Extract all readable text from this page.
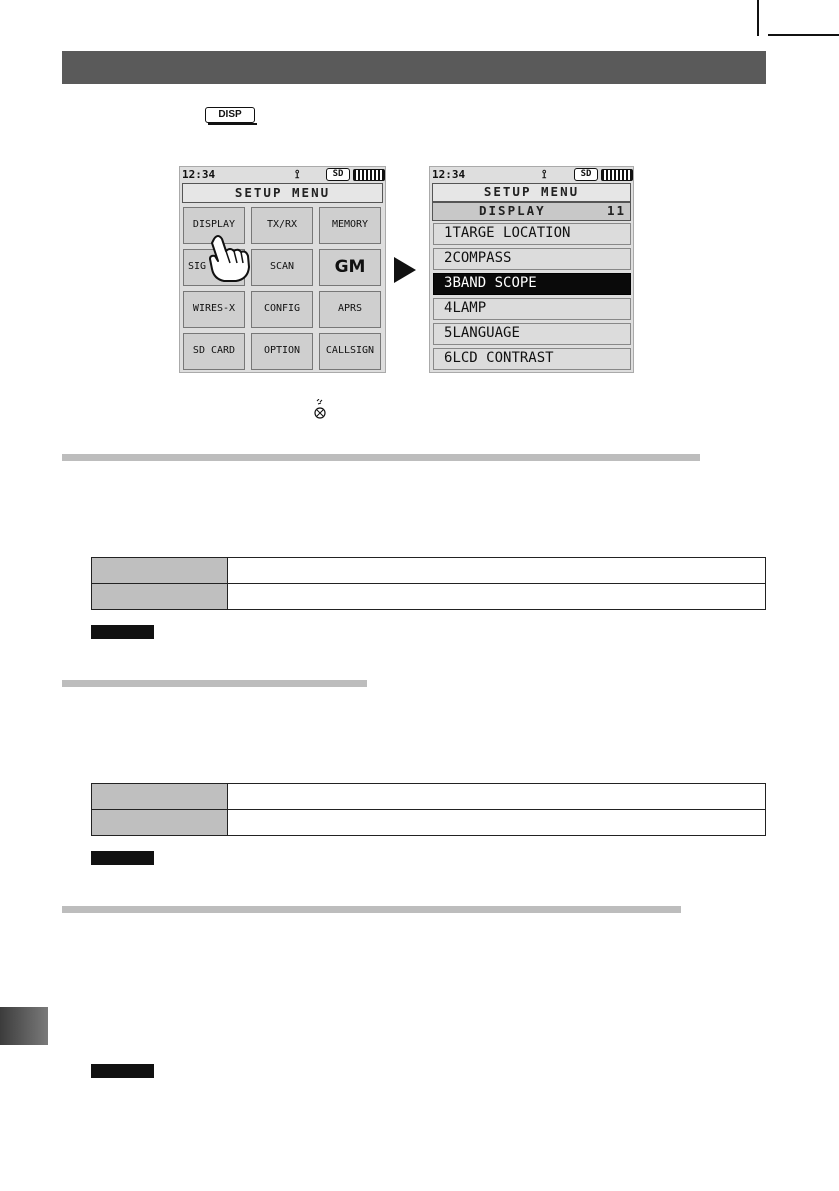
DISP
12:34	⟟	SD
SETUP MENU
DISPLAY	TX/RX	MEMORY
SIG	SCAN	GM
WIRES-X	CONFIG	APRS
SD CARD	OPTION	CALLSIGN
12:34	⟟	SD
SETUP MENU
DISPLAY	11
1TARGE LOCATION
2COMPASS
3BAND SCOPE
4LAMP
5LANGUAGE
6LCD CONTRAST
